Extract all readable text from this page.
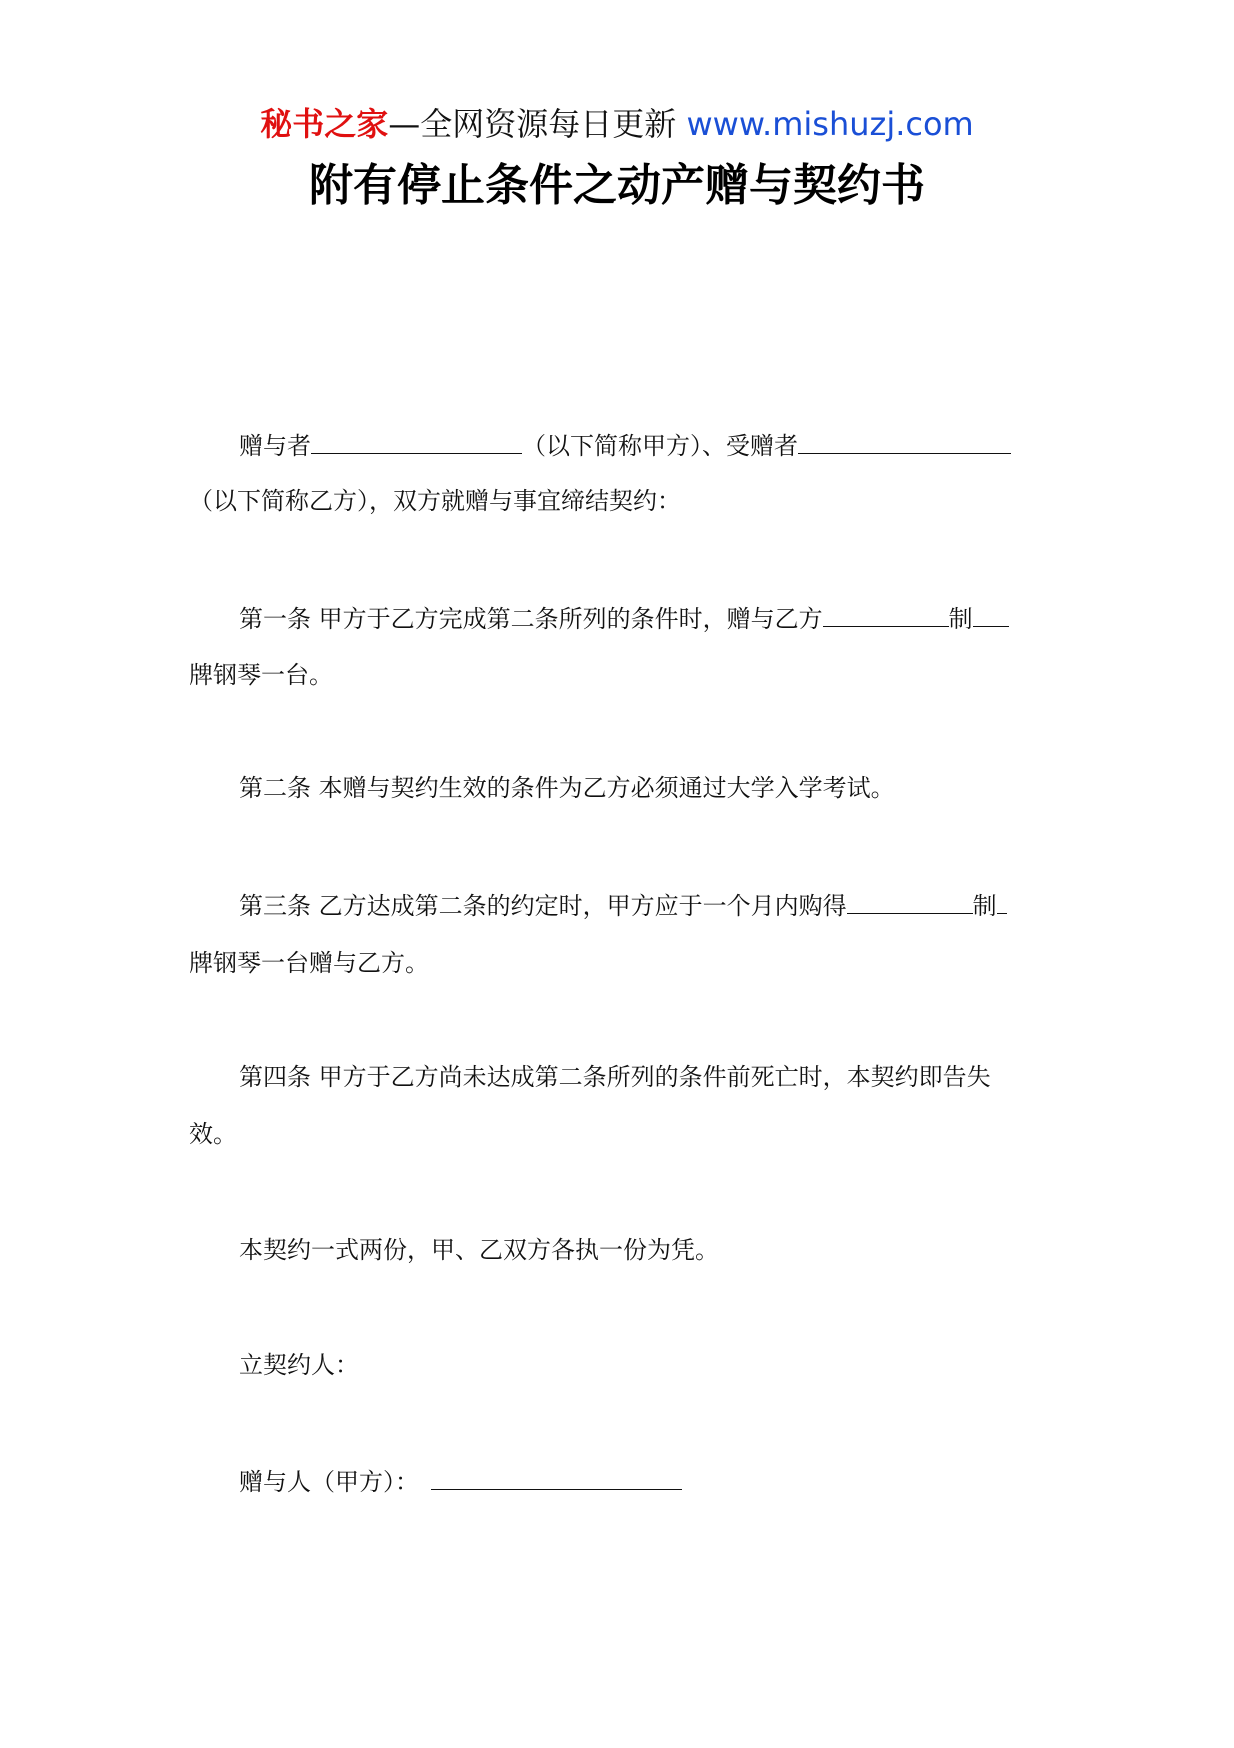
秘书之家—全网资源每日更新 www.mishuzj.com
附有停止条件之动产赠与契约书
赠与者	（以下简称甲方）、受赠者
（以下简称乙方），双方就赠与事宜缔结契约：
第一条 甲方于乙方完成第二条所列的条件时，赠与乙方	制
牌钢琴一台。
第二条 本赠与契约生效的条件为乙方必须通过大学入学考试。
第三条 乙方达成第二条的约定时，甲方应于一个月内购得	制
牌钢琴一台赠与乙方。
第四条 甲方于乙方尚未达成第二条所列的条件前死亡时，本契约即告失
效。
本契约一式两份，甲、乙双方各执一份为凭。
立契约人：
赠与人（甲方）：
